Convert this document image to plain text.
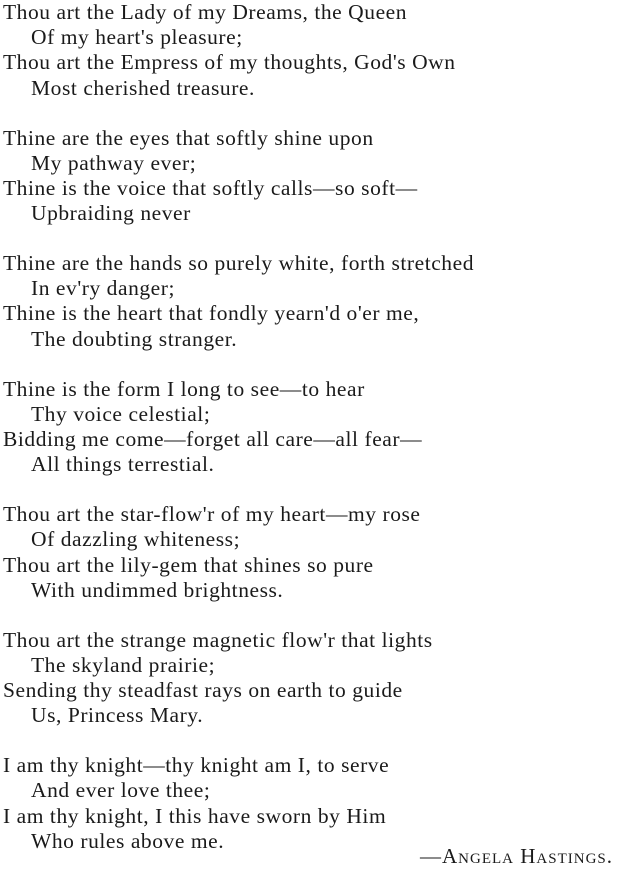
Thou art the Lady of my Dreams, the Queen
Of my heart's pleasure;
Thou art the Empress of my thoughts, God's Own
Most cherished treasure.
Thine are the eyes that softly shine upon
My pathway ever;
Thine is the voice that softly calls—so soft—
Upbraiding never
Thine are the hands so purely white, forth stretched
In ev'ry danger;
Thine is the heart that fondly yearn'd o'er me,
The doubting stranger.
Thine is the form I long to see—to hear
Thy voice celestial;
Bidding me come—forget all care—all fear—
All things terrestial.
Thou art the star-flow'r of my heart—my rose
Of dazzling whiteness;
Thou art the lily-gem that shines so pure
With undimmed brightness.
Thou art the strange magnetic flow'r that lights
The skyland prairie;
Sending thy steadfast rays on earth to guide
Us, Princess Mary.
I am thy knight—thy knight am I, to serve
And ever love thee;
I am thy knight, I this have sworn by Him
Who rules above me.
—Angela Hastings.
